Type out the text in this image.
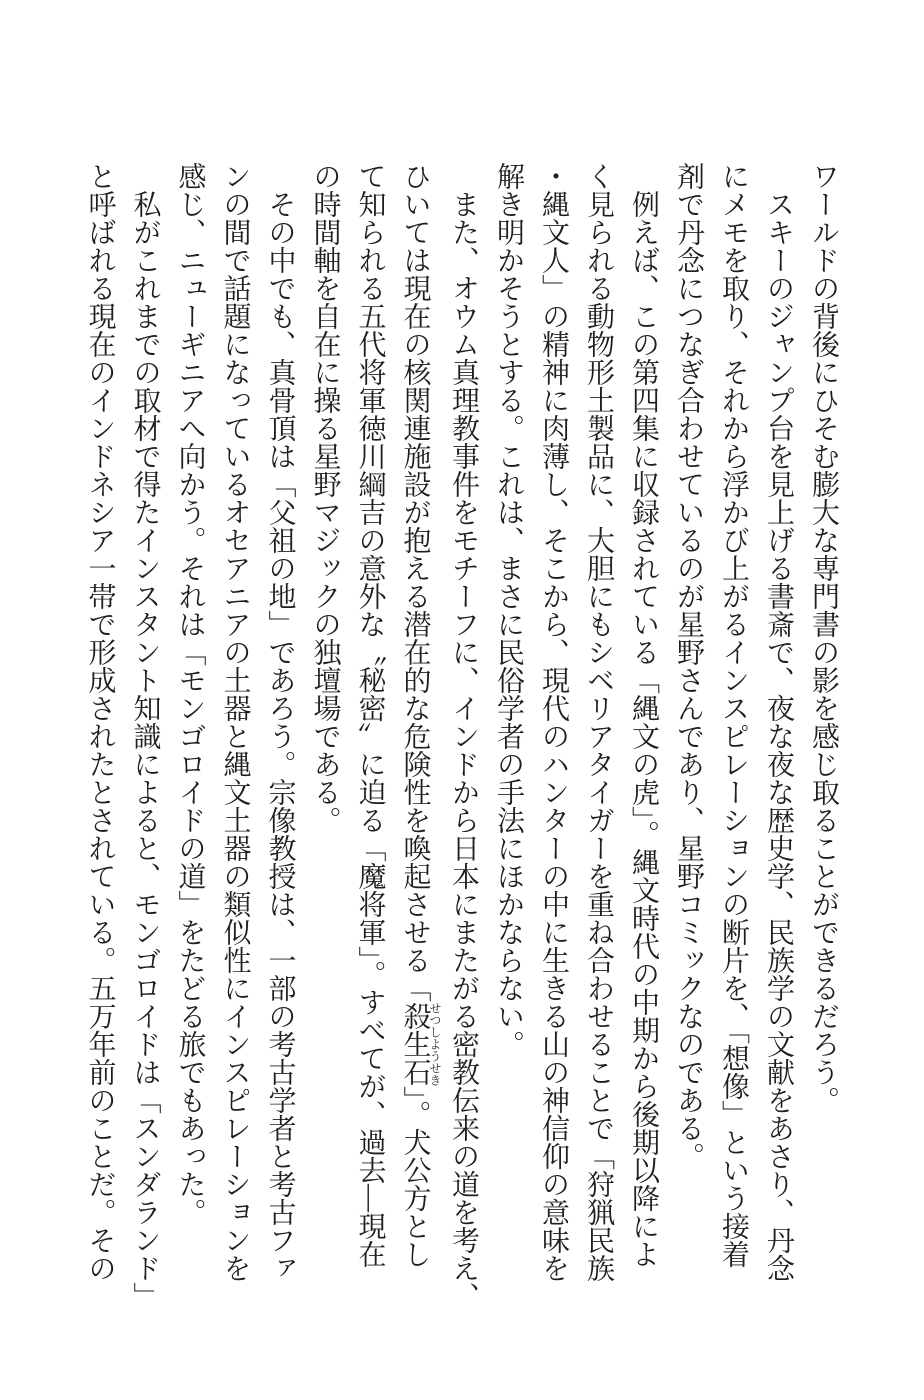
ワールドの背後にひそむ膨大な専門書の影を感じ取ることができるだろう。
スキーのジャンプ台を見上げる書斎で、夜な夜な歴史学、民族学の文献をあさり、丹念
にメモを取り、それから浮かび上がるインスピレーションの断片を、「想像」という接着
剤で丹念につなぎ合わせているのが星野さんであり、星野コミックなのである。
例えば、この第四集に収録されている「縄文の虎」。縄文時代の中期から後期以降によ
く見られる動物形土製品に、大胆にもシベリアタイガーを重ね合わせることで「狩猟民族
・縄文人」の精神に肉薄し、そこから、現代のハンターの中に生きる山の神信仰の意味を
解き明かそうとする。これは、まさに民俗学者の手法にほかならない。
また、オウム真理教事件をモチーフに、インドから日本にまたがる密教伝来の道を考え、
ひいては現在の核関連施設が抱える潜在的な危険性を喚起させる「殺生石せつしようせき」。犬公方とし
て知られる五代将軍徳川綱吉の意外な〝秘密〟に迫る「魔将軍」。すべてが、過去―現在
の時間軸を自在に操る星野マジックの独壇場である。
その中でも、真骨頂は「父祖の地」であろう。宗像教授は、一部の考古学者と考古ファ
ンの間で話題になっているオセアニアの土器と縄文土器の類似性にインスピレーションを
感じ、ニューギニアへ向かう。それは「モンゴロイドの道」をたどる旅でもあった。
私がこれまでの取材で得たインスタント知識によると、モンゴロイドは「スンダランド」
と呼ばれる現在のインドネシア一帯で形成されたとされている。五万年前のことだ。その
